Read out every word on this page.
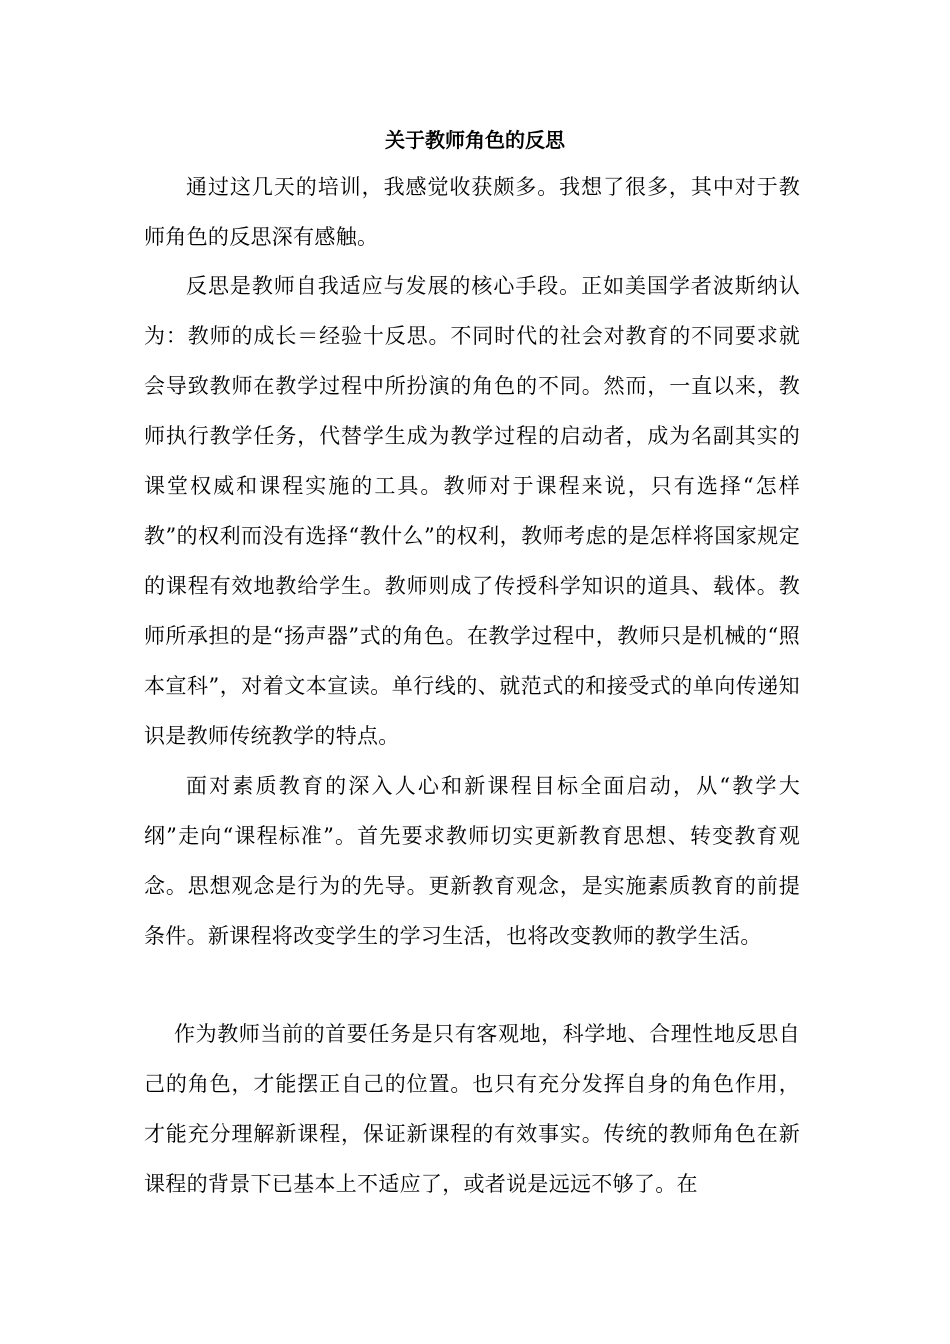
关于教师角色的反思

通过这几天的培训，我感觉收获颇多。我想了很多，其中对于教师角色的反思深有感触。

反思是教师自我适应与发展的核心手段。正如美国学者波斯纳认为：教师的成长＝经验十反思。不同时代的社会对教育的不同要求就会导致教师在教学过程中所扮演的角色的不同。然而，一直以来，教师执行教学任务，代替学生成为教学过程的启动者，成为名副其实的课堂权威和课程实施的工具。教师对于课程来说，只有选择“怎样教”的权利而没有选择“教什么”的权利，教师考虑的是怎样将国家规定的课程有效地教给学生。教师则成了传授科学知识的道具、载体。教师所承担的是“扬声器”式的角色。在教学过程中，教师只是机械的“照本宣科”，对着文本宣读。单行线的、就范式的和接受式的单向传递知识是教师传统教学的特点。

面对素质教育的深入人心和新课程目标全面启动，从“教学大纲”走向“课程标准”。首先要求教师切实更新教育思想、转变教育观念。思想观念是行为的先导。更新教育观念，是实施素质教育的前提条件。新课程将改变学生的学习生活，也将改变教师的教学生活。

作为教师当前的首要任务是只有客观地，科学地、合理性地反思自己的角色，才能摆正自己的位置。也只有充分发挥自身的角色作用，才能充分理解新课程，保证新课程的有效事实。传统的教师角色在新课程的背景下已基本上不适应了，或者说是远远不够了。在
